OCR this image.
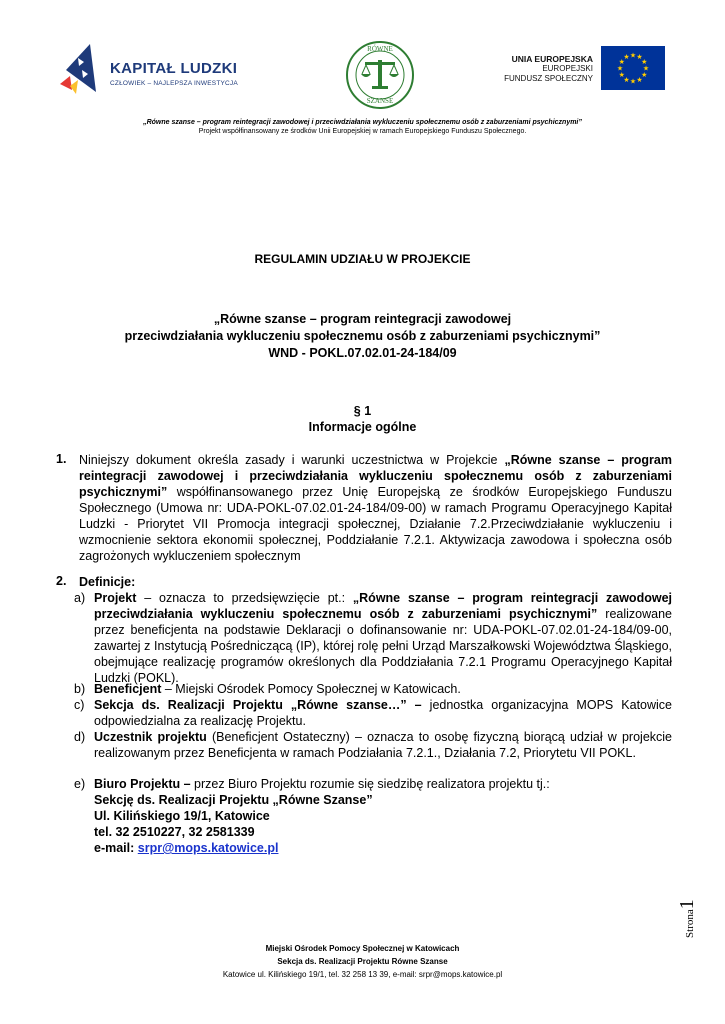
KAPITAŁ LUDZKI
CZŁOWIEK – NAJLEPSZA INWESTYCJA
RÓWNE
SZANSE
UNIA EUROPEJSKA
EUROPEJSKI
FUNDUSZ SPOŁECZNY
★
★
★
★
★
★
★
★
★ ★ ★
★
„Równe szanse – program reintegracji zawodowej i przeciwdziałania wykluczeniu społecznemu osób z zaburzeniami psychicznymi”
Projekt współfinansowany ze środków Unii Europejskiej w ramach Europejskiego Funduszu Społecznego.
REGULAMIN UDZIAŁU W PROJEKCIE
„Równe szanse – program reintegracji zawodowej
przeciwdziałania wykluczeniu społecznemu osób z zaburzeniami psychicznymi”
WND - POKL.07.02.01-24-184/09
§ 1
Informacje ogólne
1. Niniejszy dokument określa zasady i warunki uczestnictwa w Projekcie „Równe szanse – program reintegracji zawodowej i przeciwdziałania wykluczeniu społecznemu osób z zaburzeniami psychicznymi” współfinansowanego przez Unię Europejską ze środków Europejskiego Funduszu Społecznego (Umowa nr: UDA-POKL-07.02.01-24-184/09-00) w ramach Programu Operacyjnego Kapitał Ludzki - Priorytet VII Promocja integracji społecznej, Działanie 7.2.Przeciwdziałanie wykluczeniu i wzmocnienie sektora ekonomii społecznej, Poddziałanie 7.2.1. Aktywizacja zawodowa i społeczna osób zagrożonych wykluczeniem społecznym
2. Definicje:
a) Projekt – oznacza to przedsięwzięcie pt.: „Równe szanse – program reintegracji zawodowej przeciwdziałania wykluczeniu społecznemu osób z zaburzeniami psychicznymi” realizowane przez beneficjenta na podstawie Deklaracji o dofinansowanie nr: UDA-POKL-07.02.01-24-184/09-00, zawartej z Instytucją Pośredniczącą (IP), której rolę pełni Urząd Marszałkowski Województwa Śląskiego, obejmujące realizację programów określonych dla Poddziałania 7.2.1 Programu Operacyjnego Kapitał Ludzki (POKL).
b) Beneficjent – Miejski Ośrodek Pomocy Społecznej w Katowicach.
c) Sekcja ds. Realizacji Projektu „Równe szanse…” – jednostka organizacyjna MOPS Katowice odpowiedzialna za realizację Projektu.
d) Uczestnik projektu (Beneficjent Ostateczny) – oznacza to osobę fizyczną biorącą udział w projekcie realizowanym przez Beneficjenta w ramach Podziałania 7.2.1., Działania 7.2, Priorytetu VII POKL.
e) Biuro Projektu – przez Biuro Projektu rozumie się siedzibę realizatora projektu tj.:
Sekcję ds. Realizacji Projektu „Równe Szanse”
Ul. Kilińskiego 19/1, Katowice
tel. 32 2510227, 32 2581339
e-mail: srpr@mops.katowice.pl
Strona1
Miejski Ośrodek Pomocy Społecznej w Katowicach
Sekcja ds. Realizacji Projektu Równe Szanse
Katowice ul. Kilińskiego 19/1, tel. 32 258 13 39, e-mail: srpr@mops.katowice.pl
